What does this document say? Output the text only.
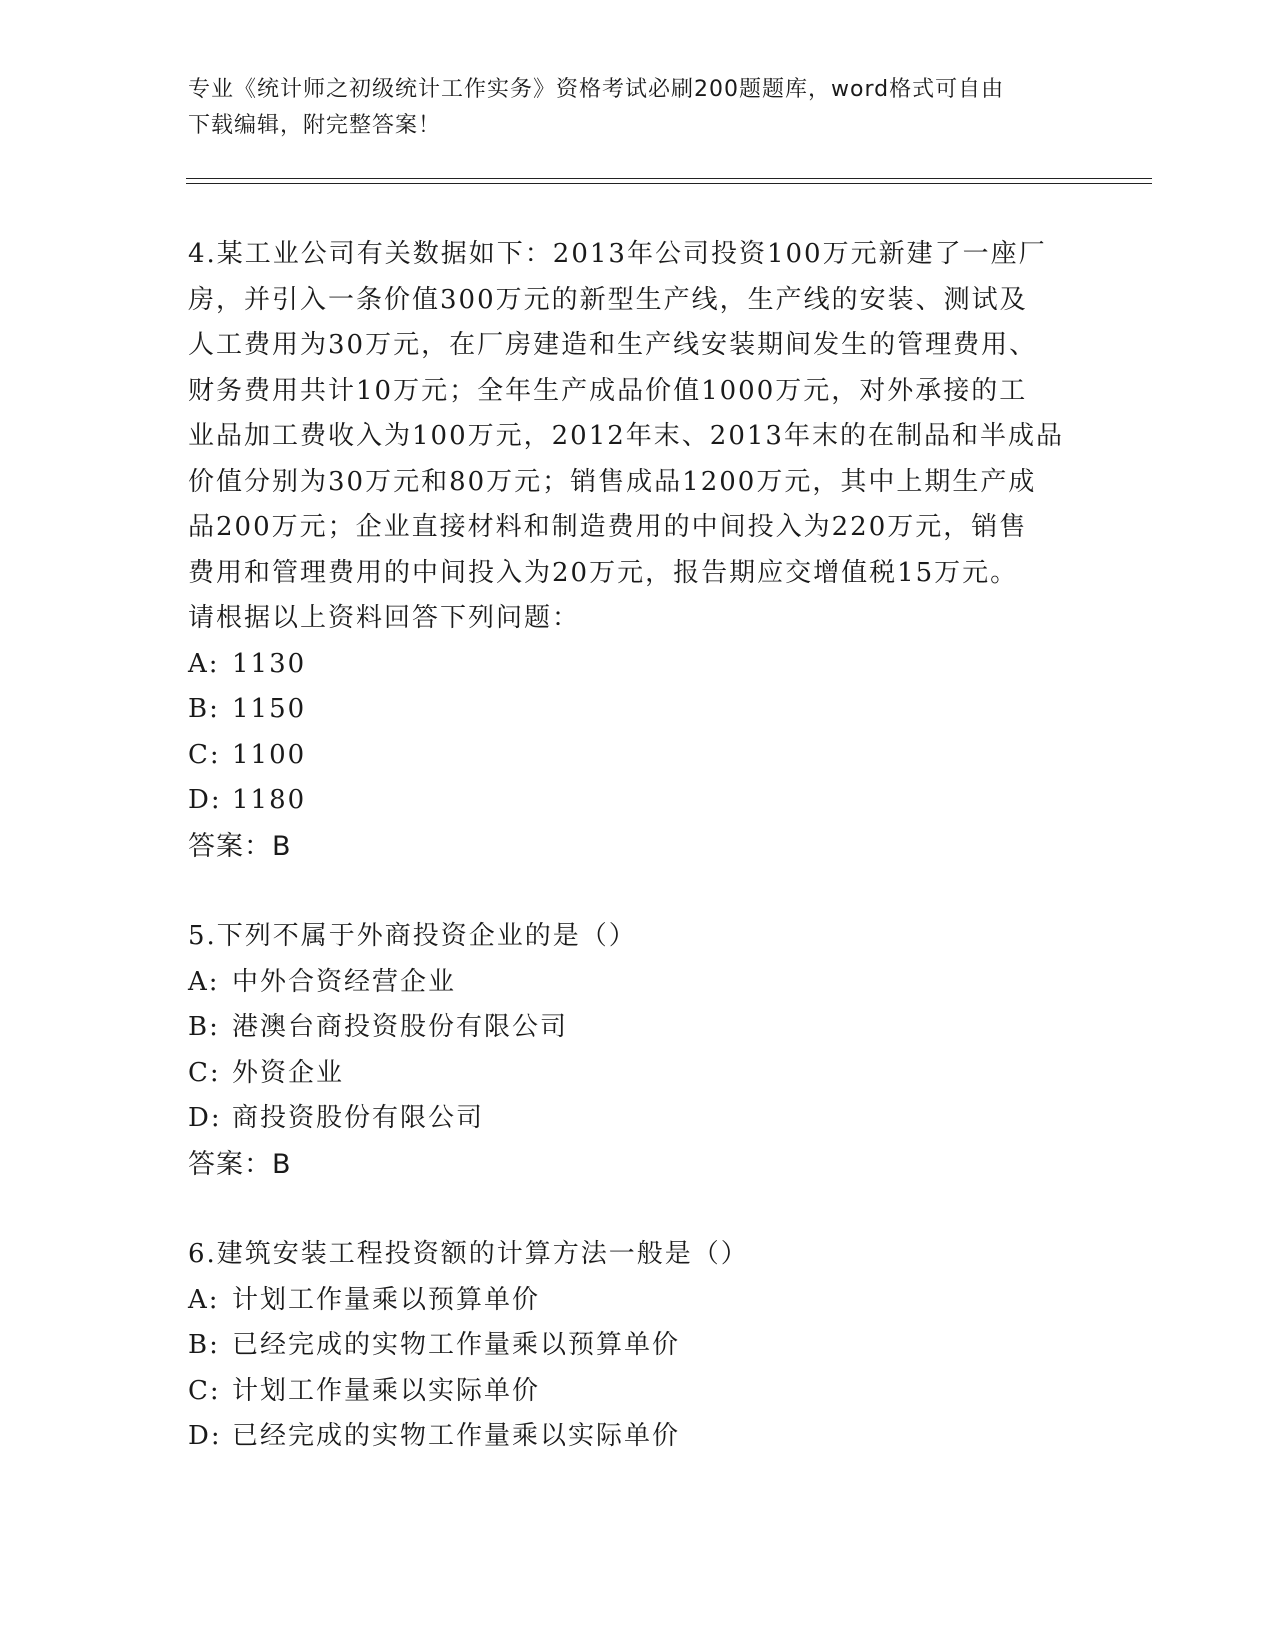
专业《统计师之初级统计工作实务》资格考试必刷200题题库，word格式可自由
下载编辑，附完整答案！
4.某工业公司有关数据如下：2013年公司投资100万元新建了一座厂
房，并引入一条价值300万元的新型生产线，生产线的安装、测试及
人工费用为30万元，在厂房建造和生产线安装期间发生的管理费用、
财务费用共计10万元；全年生产成品价值1000万元，对外承接的工
业品加工费收入为100万元，2012年末、2013年末的在制品和半成品
价值分别为30万元和80万元；销售成品1200万元，其中上期生产成
品200万元；企业直接材料和制造费用的中间投入为220万元，销售
费用和管理费用的中间投入为20万元，报告期应交增值税15万元。
请根据以上资料回答下列问题：
A: 1130
B: 1150
C: 1100
D: 1180
答案：B
5.下列不属于外商投资企业的是（）
A: 中外合资经营企业
B: 港澳台商投资股份有限公司
C: 外资企业
D: 商投资股份有限公司
答案：B
6.建筑安装工程投资额的计算方法一般是（）
A: 计划工作量乘以预算单价
B: 已经完成的实物工作量乘以预算单价
C: 计划工作量乘以实际单价
D: 已经完成的实物工作量乘以实际单价
